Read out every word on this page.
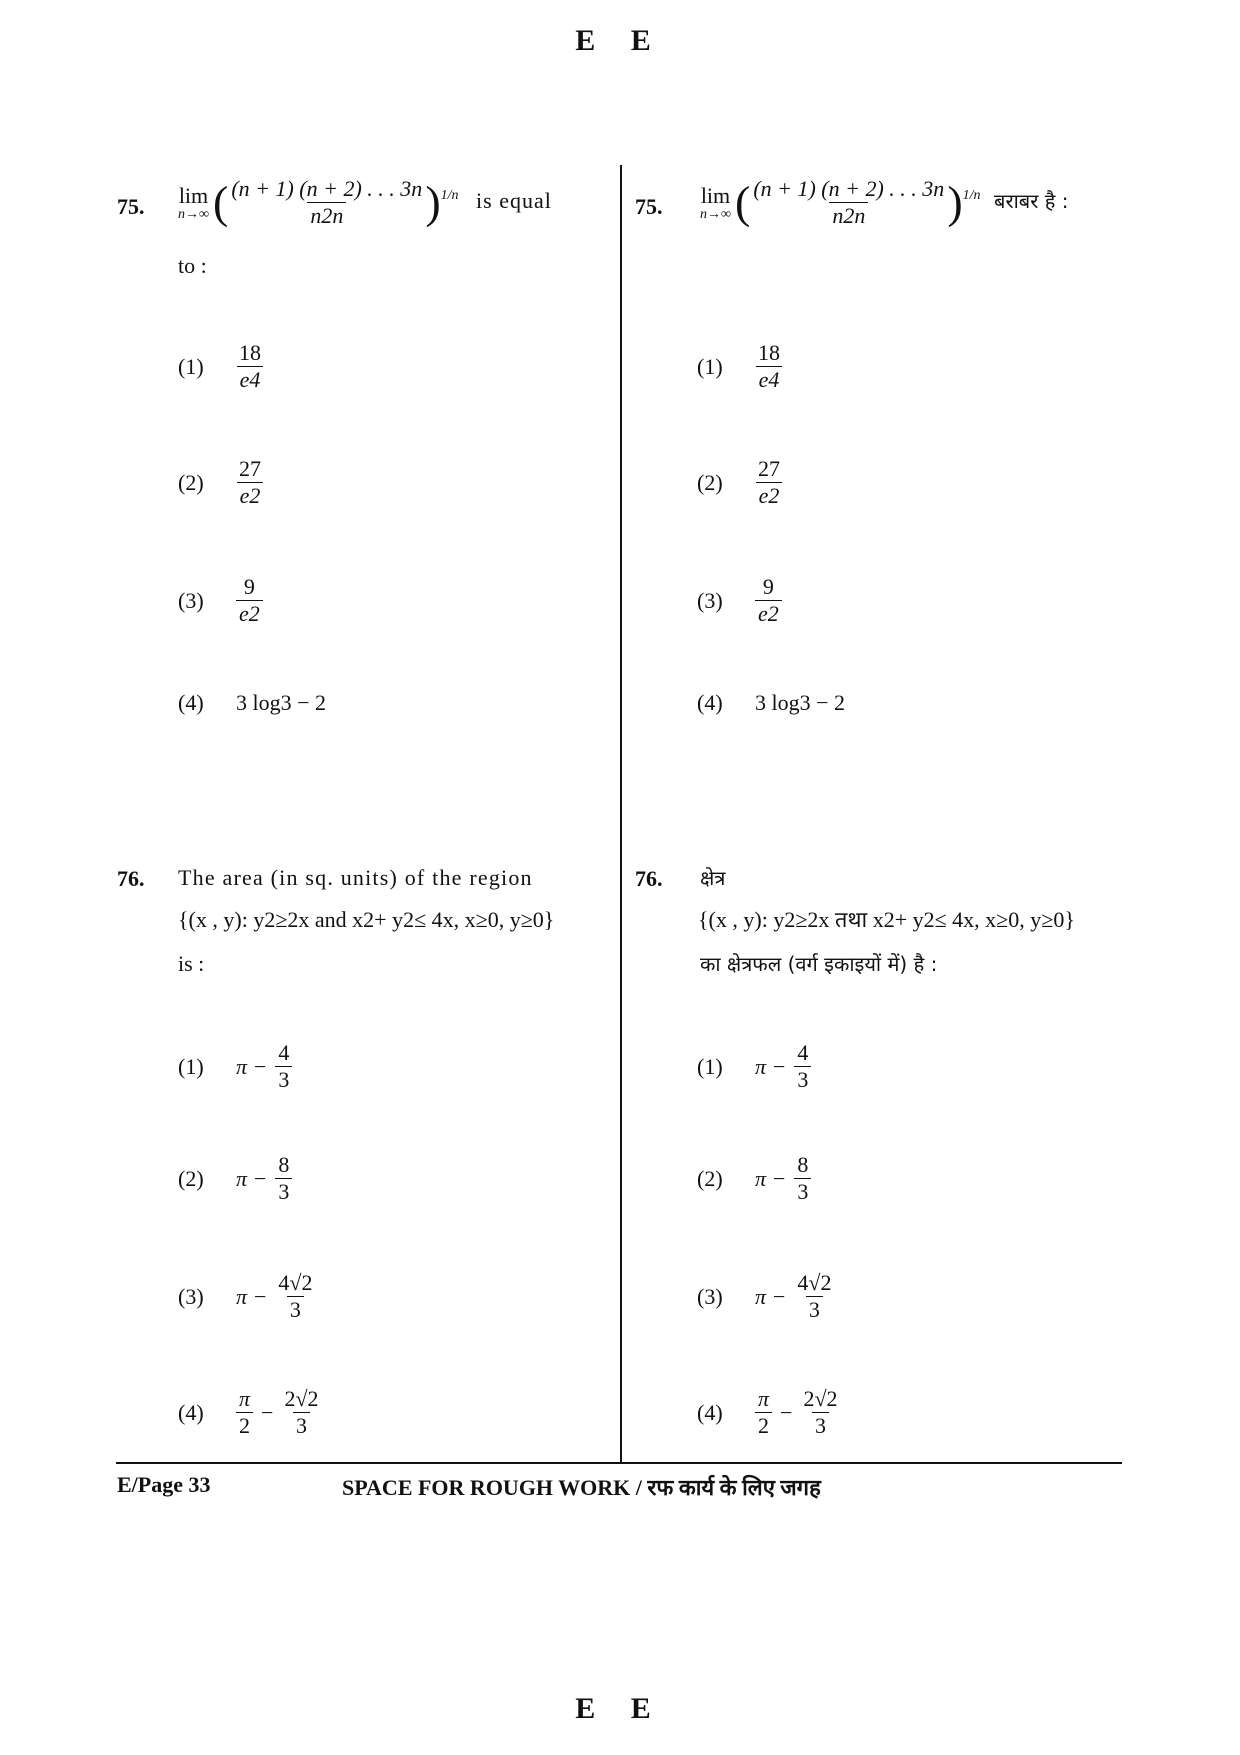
E E
75. lim
n→∞ ( $\frac{(n + 1) (n + 2) . . . 3n}{n2n} )^{1/n}$ is equal
to :
(1)	$\frac{18}{e4}$
(2)	$\frac{27}{e2}$
(3)	$\frac{9}{e2}$
(4)	3 log3 − 2
75. lim
n→∞ ( $\frac{(n + 1) (n + 2) . . . 3n}{n2n} )^{1/n}$ बराबर है :
(1)	$\frac{18}{e4}$
(2)	$\frac{27}{e2}$
(3)	$\frac{9}{e2}$
(4)	3 log3 − 2
76. The area (in sq. units) of the region
{(x , y): y2≥2x and x2+ y2≤ 4x, x≥0, y≥0}
is :
(1)	$\pi - \frac{4}{3}$
(2)	$\pi - \frac{8}{3}$
(3)	$\pi - \frac{4√2}{3}$
(4)	$\frac{\pi}{2} - \frac{2√2}{3}$
76. क्षेत्र
{(x , y): y2≥2x तथा x2+ y2≤ 4x, x≥0, y≥0}
का क्षेत्रफल (वर्ग इकाइयों में) है :
(1)	$\pi - \frac{4}{3}$
(2)	$\pi - \frac{8}{3}$
(3)	$\pi - \frac{4√2}{3}$
(4)	$\frac{\pi}{2} - \frac{2√2}{3}$
E/Page 33	SPACE FOR ROUGH WORK / रफ कार्य के लिए जगह
E E
